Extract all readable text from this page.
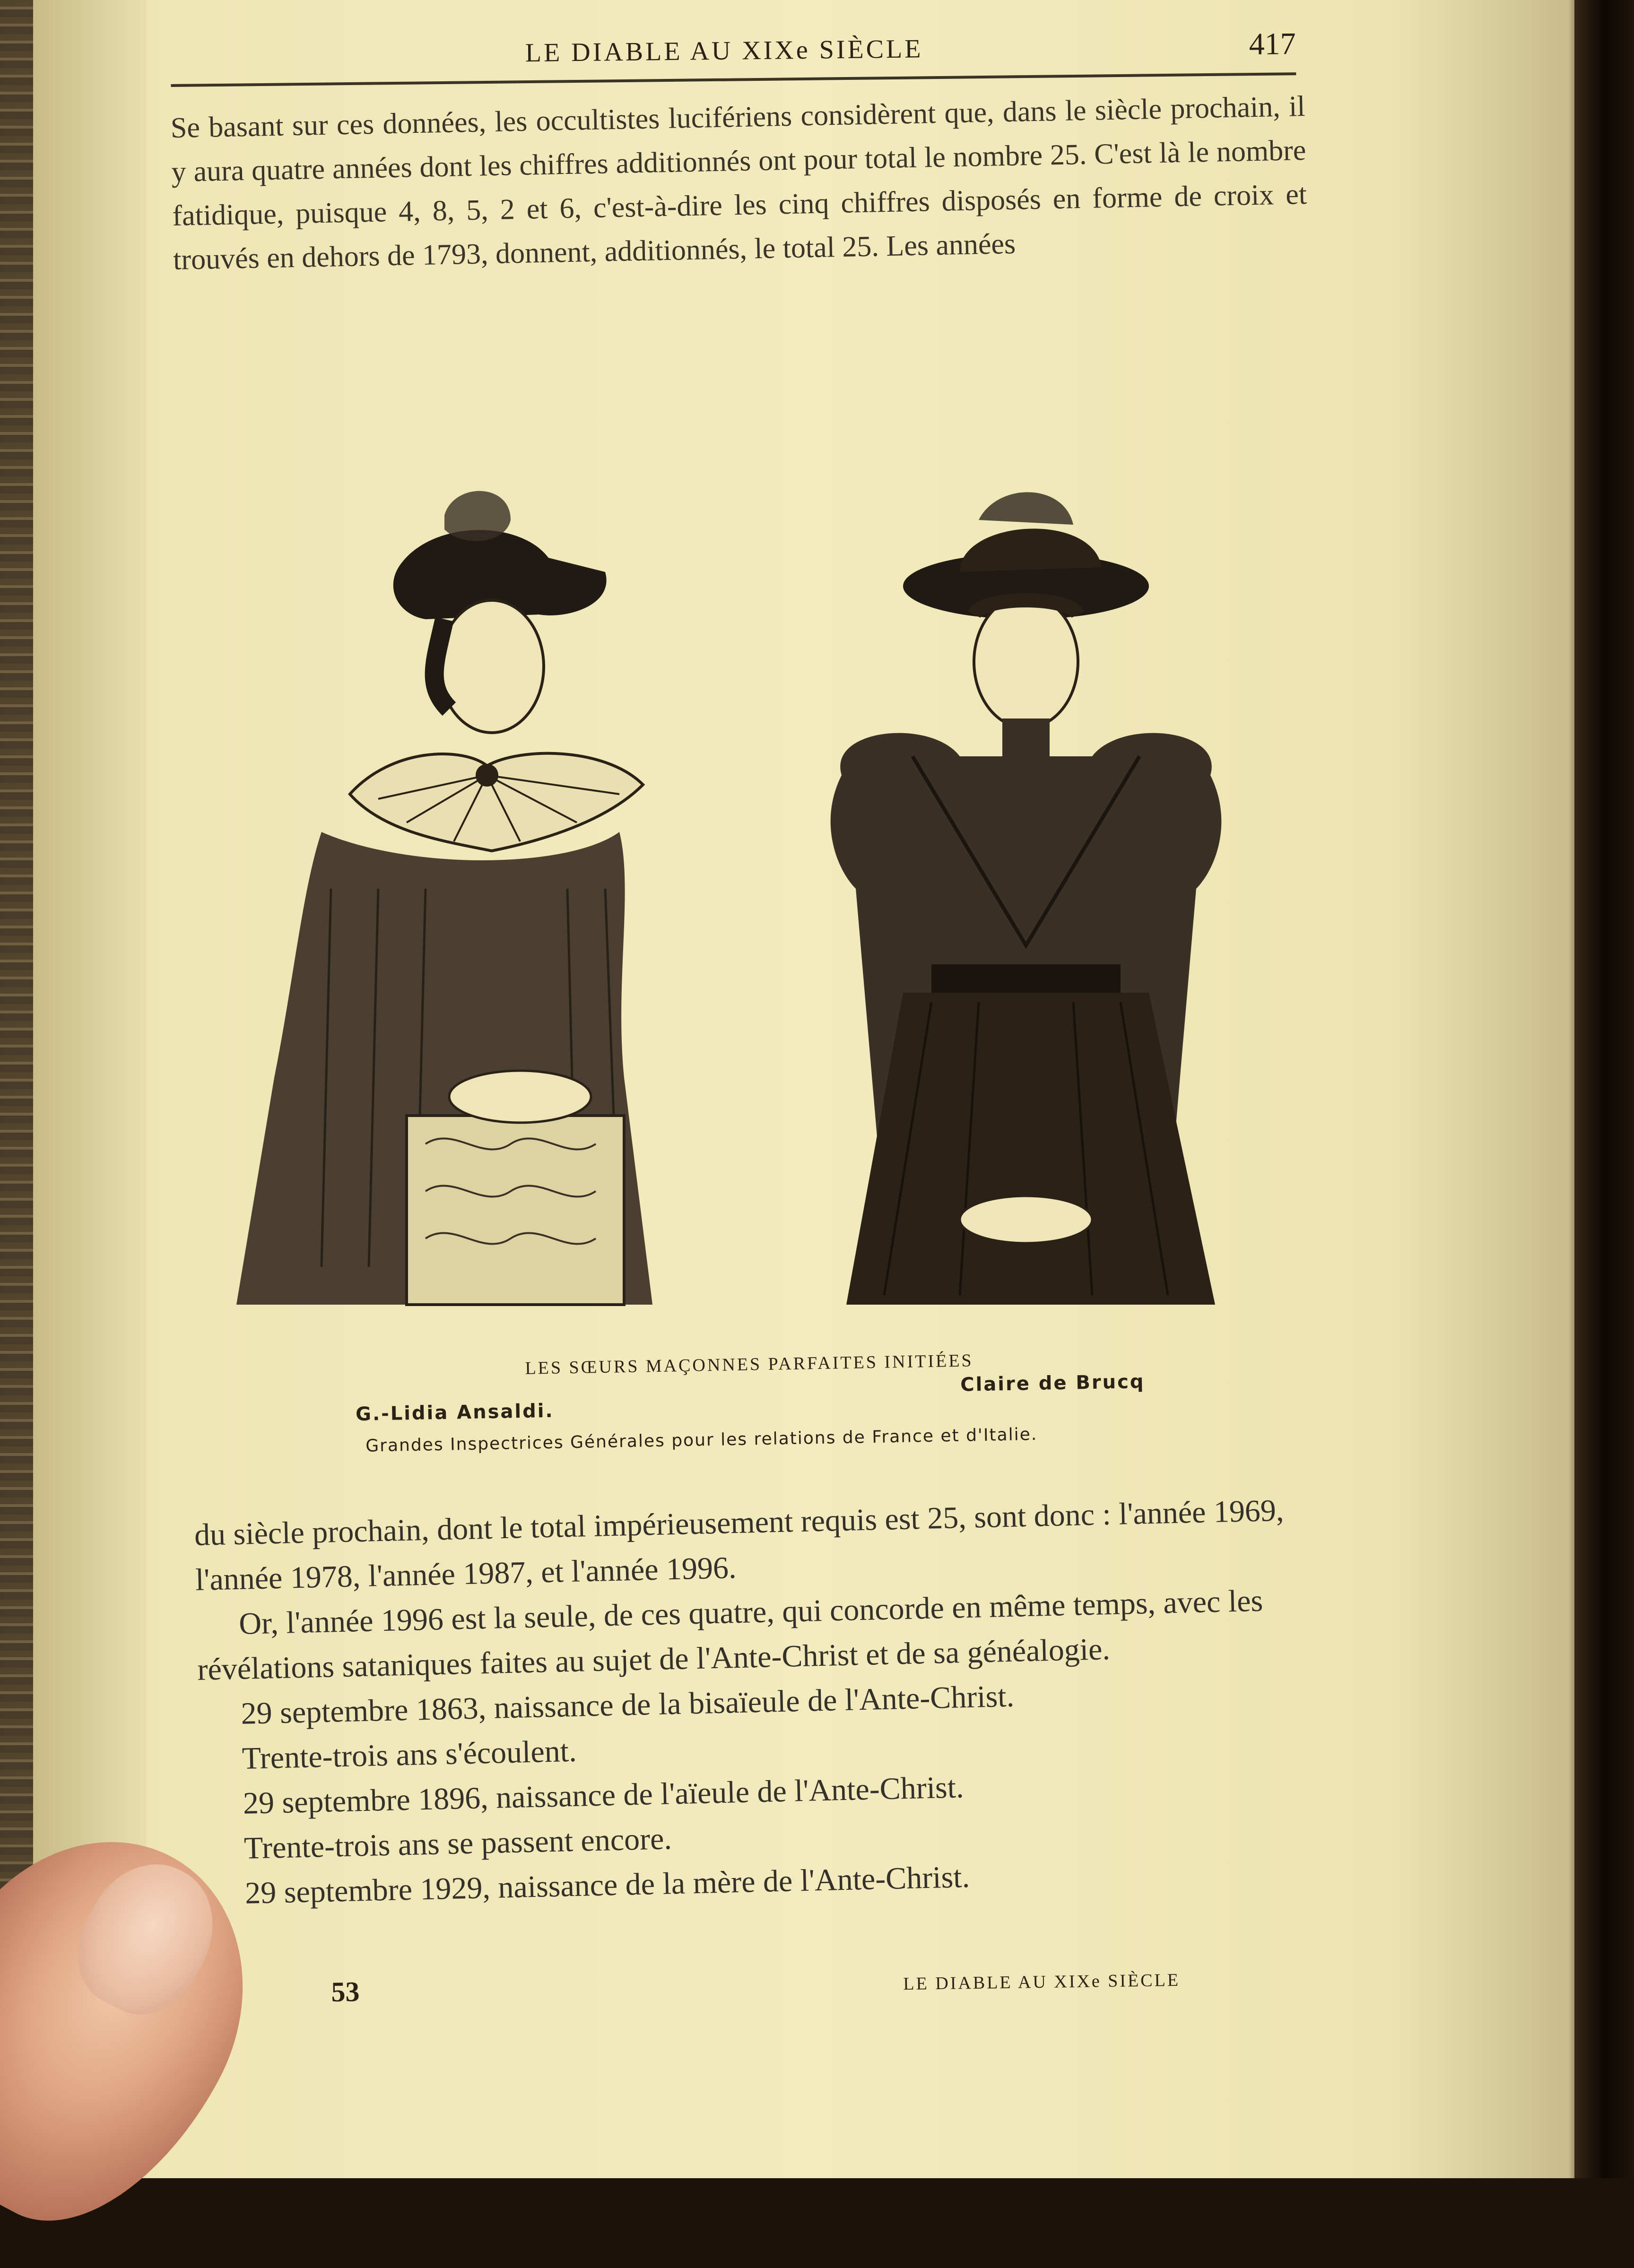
LE DIABLE AU XIXe SIÈCLE	417
Se basant sur ces données, les occultistes lucifériens considèrent que, dans le siècle prochain, il y aura quatre années dont les chiffres additionnés ont pour total le nombre 25. C'est là le nombre fatidique, puisque 4, 8, 5, 2 et 6, c'est-à-dire les cinq chiffres disposés en forme de croix et trouvés en dehors de 1793, donnent, additionnés, le total 25. Les années
LES SŒURS MAÇONNES PARFAITES INITIÉES
G.-Lidia Ansaldi.
Claire de Brucq
Grandes Inspectrices Générales pour les relations de France et d'Italie.

du siècle prochain, dont le total impérieusement requis est 25, sont donc : l'année 1969, l'année 1978, l'année 1987, et l'année 1996.

Or, l'année 1996 est la seule, de ces quatre, qui concorde en même temps, avec les révélations sataniques faites au sujet de l'Ante-Christ et de sa généalogie.

29 septembre 1863, naissance de la bisaïeule de l'Ante-Christ.

Trente-trois ans s'écoulent.

29 septembre 1896, naissance de l'aïeule de l'Ante-Christ.

Trente-trois ans se passent encore.

29 septembre 1929, naissance de la mère de l'Ante-Christ.

53	LE DIABLE AU XIXe SIÈCLE
